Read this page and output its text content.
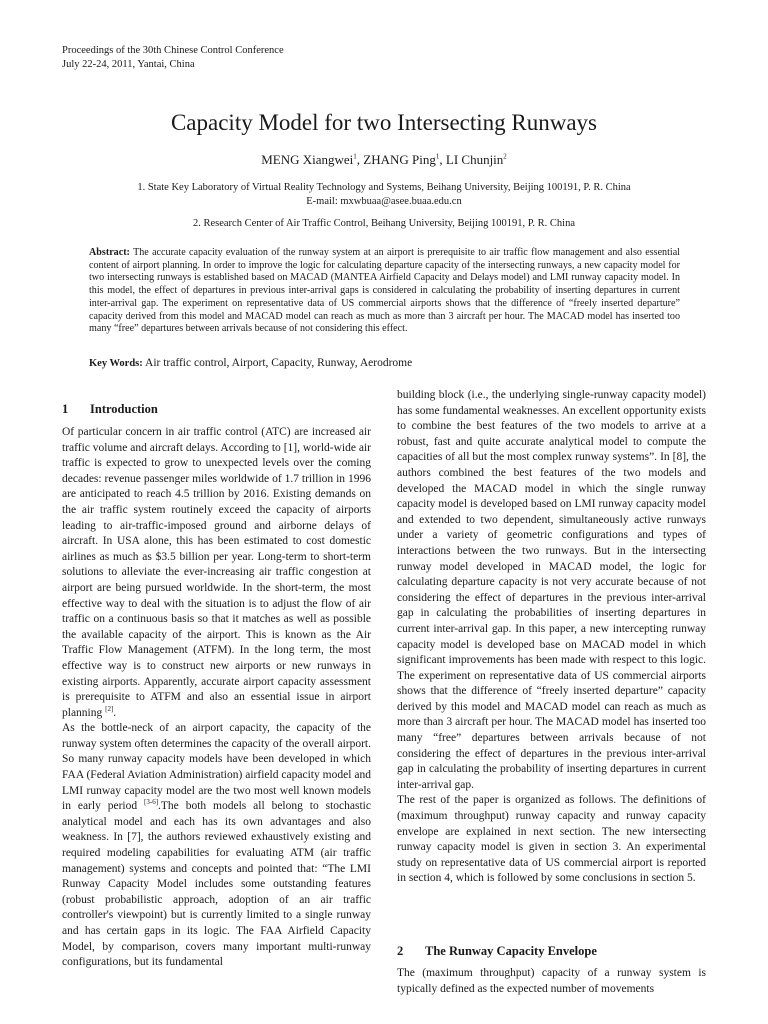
Proceedings of the 30th Chinese Control Conference
July 22-24, 2011, Yantai, China
Capacity Model for two Intersecting Runways
MENG Xiangwei$^1$, ZHANG Ping$^1$, LI Chunjin$^2$
1. State Key Laboratory of Virtual Reality Technology and Systems, Beihang University, Beijing 100191, P. R. China
E-mail: mxwbuaa@asee.buaa.edu.cn
2. Research Center of Air Traffic Control, Beihang University, Beijing 100191, P. R. China
Abstract: The accurate capacity evaluation of the runway system at an airport is prerequisite to air traffic flow management and also essential content of airport planning. In order to improve the logic for calculating departure capacity of the intersecting runways, a new capacity model for two intersecting runways is established based on MACAD (MANTEA Airfield Capacity and Delays model) and LMI runway capacity model. In this model, the effect of departures in previous inter-arrival gaps is considered in calculating the probability of inserting departures in current inter-arrival gap. The experiment on representative data of US commercial airports shows that the difference of “freely inserted departure” capacity derived from this model and MACAD model can reach as much as more than 3 aircraft per hour. The MACAD model has inserted too many “free” departures between arrivals because of not considering this effect.
Key Words: Air traffic control, Airport, Capacity, Runway, Aerodrome
1 Introduction

Of particular concern in air traffic control (ATC) are increased air traffic volume and aircraft delays. According to [1], world-wide air traffic is expected to grow to unexpected levels over the coming decades: revenue passenger miles worldwide of 1.7 trillion in 1996 are anticipated to reach 4.5 trillion by 2016. Existing demands on the air traffic system routinely exceed the capacity of airports leading to air-traffic-imposed ground and airborne delays of aircraft. In USA alone, this has been estimated to cost domestic airlines as much as $3.5 billion per year. Long-term to short-term solutions to alleviate the ever-increasing air traffic congestion at airport are being pursued worldwide. In the short-term, the most effective way to deal with the situation is to adjust the flow of air traffic on a continuous basis so that it matches as well as possible the available capacity of the airport. This is known as the Air Traffic Flow Management (ATFM). In the long term, the most effective way is to construct new airports or new runways in existing airports. Apparently, accurate airport capacity assessment is prerequisite to ATFM and also an essential issue in airport planning [2].

As the bottle-neck of an airport capacity, the capacity of the runway system often determines the capacity of the overall airport. So many runway capacity models have been developed in which FAA (Federal Aviation Administration) airfield capacity model and LMI runway capacity model are the two most well known models in early period [3-6].The both models all belong to stochastic analytical model and each has its own advantages and also weakness. In [7], the authors reviewed exhaustively existing and required modeling capabilities for evaluating ATM (air traffic management) systems and concepts and pointed that: “The LMI Runway Capacity Model includes some outstanding features (robust probabilistic approach, adoption of an air traffic controller's viewpoint) but is currently limited to a single runway and has certain gaps in its logic. The FAA Airfield Capacity Model, by comparison, covers many important multi-runway configurations, but its fundamental

building block (i.e., the underlying single-runway capacity model) has some fundamental weaknesses. An excellent opportunity exists to combine the best features of the two models to arrive at a robust, fast and quite accurate analytical model to compute the capacities of all but the most complex runway systems”. In [8], the authors combined the best features of the two models and developed the MACAD model in which the single runway capacity model is developed based on LMI runway capacity model and extended to two dependent, simultaneously active runways under a variety of geometric configurations and types of interactions between the two runways. But in the intersecting runway model developed in MACAD model, the logic for calculating departure capacity is not very accurate because of not considering the effect of departures in the previous inter-arrival gap in calculating the probabilities of inserting departures in current inter-arrival gap. In this paper, a new intercepting runway capacity model is developed base on MACAD model in which significant improvements has been made with respect to this logic. The experiment on representative data of US commercial airports shows that the difference of “freely inserted departure” capacity derived by this model and MACAD model can reach as much as more than 3 aircraft per hour. The MACAD model has inserted too many “free” departures between arrivals because of not considering the effect of departures in the previous inter-arrival gap in calculating the probability of inserting departures in current inter-arrival gap.

The rest of the paper is organized as follows. The definitions of (maximum throughput) runway capacity and runway capacity envelope are explained in next section. The new intersecting runway capacity model is given in section 3. An experimental study on representative data of US commercial airport is reported in section 4, which is followed by some conclusions in section 5.

2 The Runway Capacity Envelope

The (maximum throughput) capacity of a runway system is typically defined as the expected number of movements
